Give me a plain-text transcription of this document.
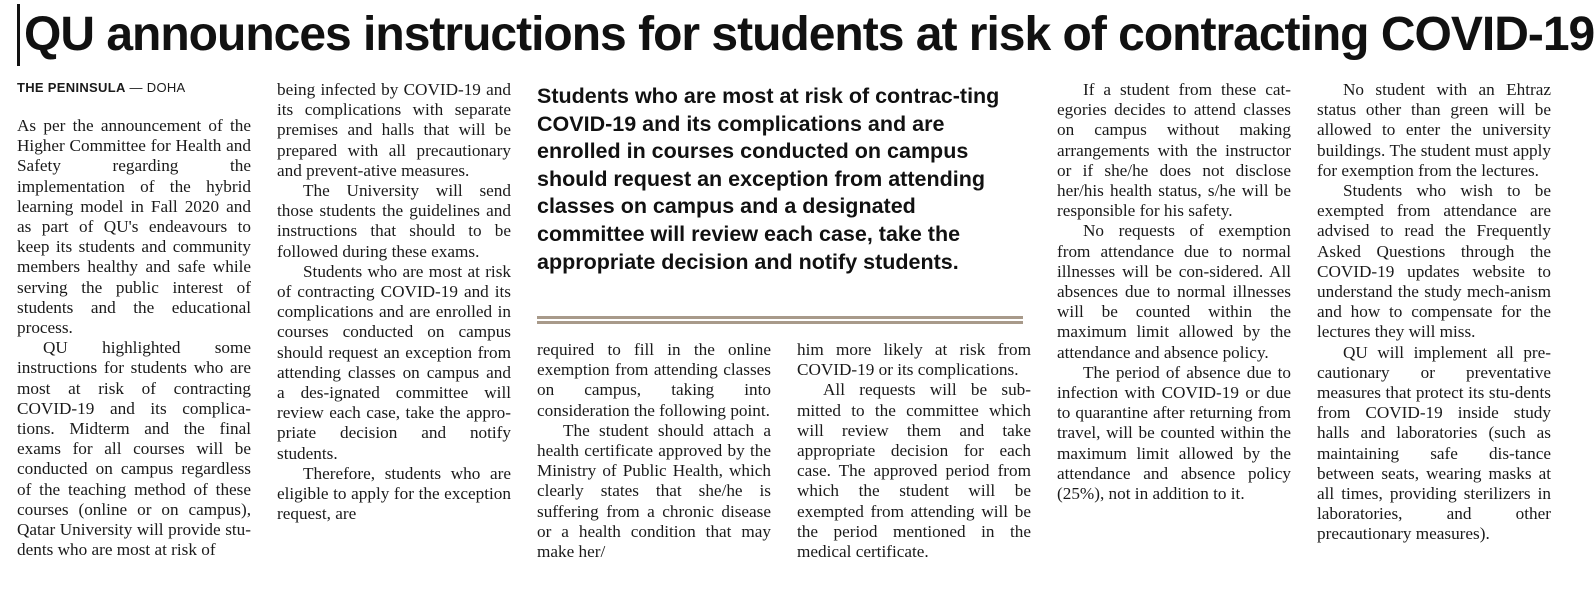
QU announces instructions for students at risk of contracting COVID-19
THE PENINSULA — DOHA

As per the announcement of the Higher Committee for Health and Safety regarding the implementation of the hybrid learning model in Fall 2020 and as part of QU's endeavours to keep its students and community members healthy and safe while serving the public interest of students and the educational process.

QU highlighted some instructions for students who are most at risk of contracting COVID-19 and its complica-tions. Midterm and the final exams for all courses will be conducted on campus regardless of the teaching method of these courses (online or on campus), Qatar University will provide stu-dents who are most at risk of

being infected by COVID-19 and its complications with separate premises and halls that will be prepared with all precautionary and prevent-ative measures.

The University will send those students the guidelines and instructions that should to be followed during these exams.

Students who are most at risk of contracting COVID-19 and its complications and are enrolled in courses conducted on campus should request an exception from attending classes on campus and a des-ignated committee will review each case, take the appro-priate decision and notify students.

Therefore, students who are eligible to apply for the exception request, are

Students who are most at risk of contrac-ting COVID-19 and its complications and are enrolled in courses conducted on campus should request an exception from attending classes on campus and a designated committee will review each case, take the appropriate decision and notify students.

required to fill in the online exemption from attending classes on campus, taking into consideration the following point.

The student should attach a health certificate approved by the Ministry of Public Health, which clearly states that she/he is suffering from a chronic disease or a health condition that may make her/

him more likely at risk from COVID-19 or its complications.

All requests will be sub-mitted to the committee which will review them and take appropriate decision for each case. The approved period from which the student will be exempted from attending will be the period mentioned in the medical certificate.

If a student from these cat-egories decides to attend classes on campus without making arrangements with the instructor or if she/he does not disclose her/his health status, s/he will be responsible for his safety.

No requests of exemption from attendance due to normal illnesses will be con-sidered. All absences due to normal illnesses will be counted within the maximum limit allowed by the attendance and absence policy.

The period of absence due to infection with COVID-19 or due to quarantine after returning from travel, will be counted within the maximum limit allowed by the attendance and absence policy (25%), not in addition to it.

No student with an Ehtraz status other than green will be allowed to enter the university buildings. The student must apply for exemption from the lectures.

Students who wish to be exempted from attendance are advised to read the Frequently Asked Questions through the COVID-19 updates website to understand the study mech-anism and how to compensate for the lectures they will miss.

QU will implement all pre-cautionary or preventative measures that protect its stu-dents from COVID-19 inside study halls and laboratories (such as maintaining safe dis-tance between seats, wearing masks at all times, providing sterilizers in laboratories, and other precautionary measures).
